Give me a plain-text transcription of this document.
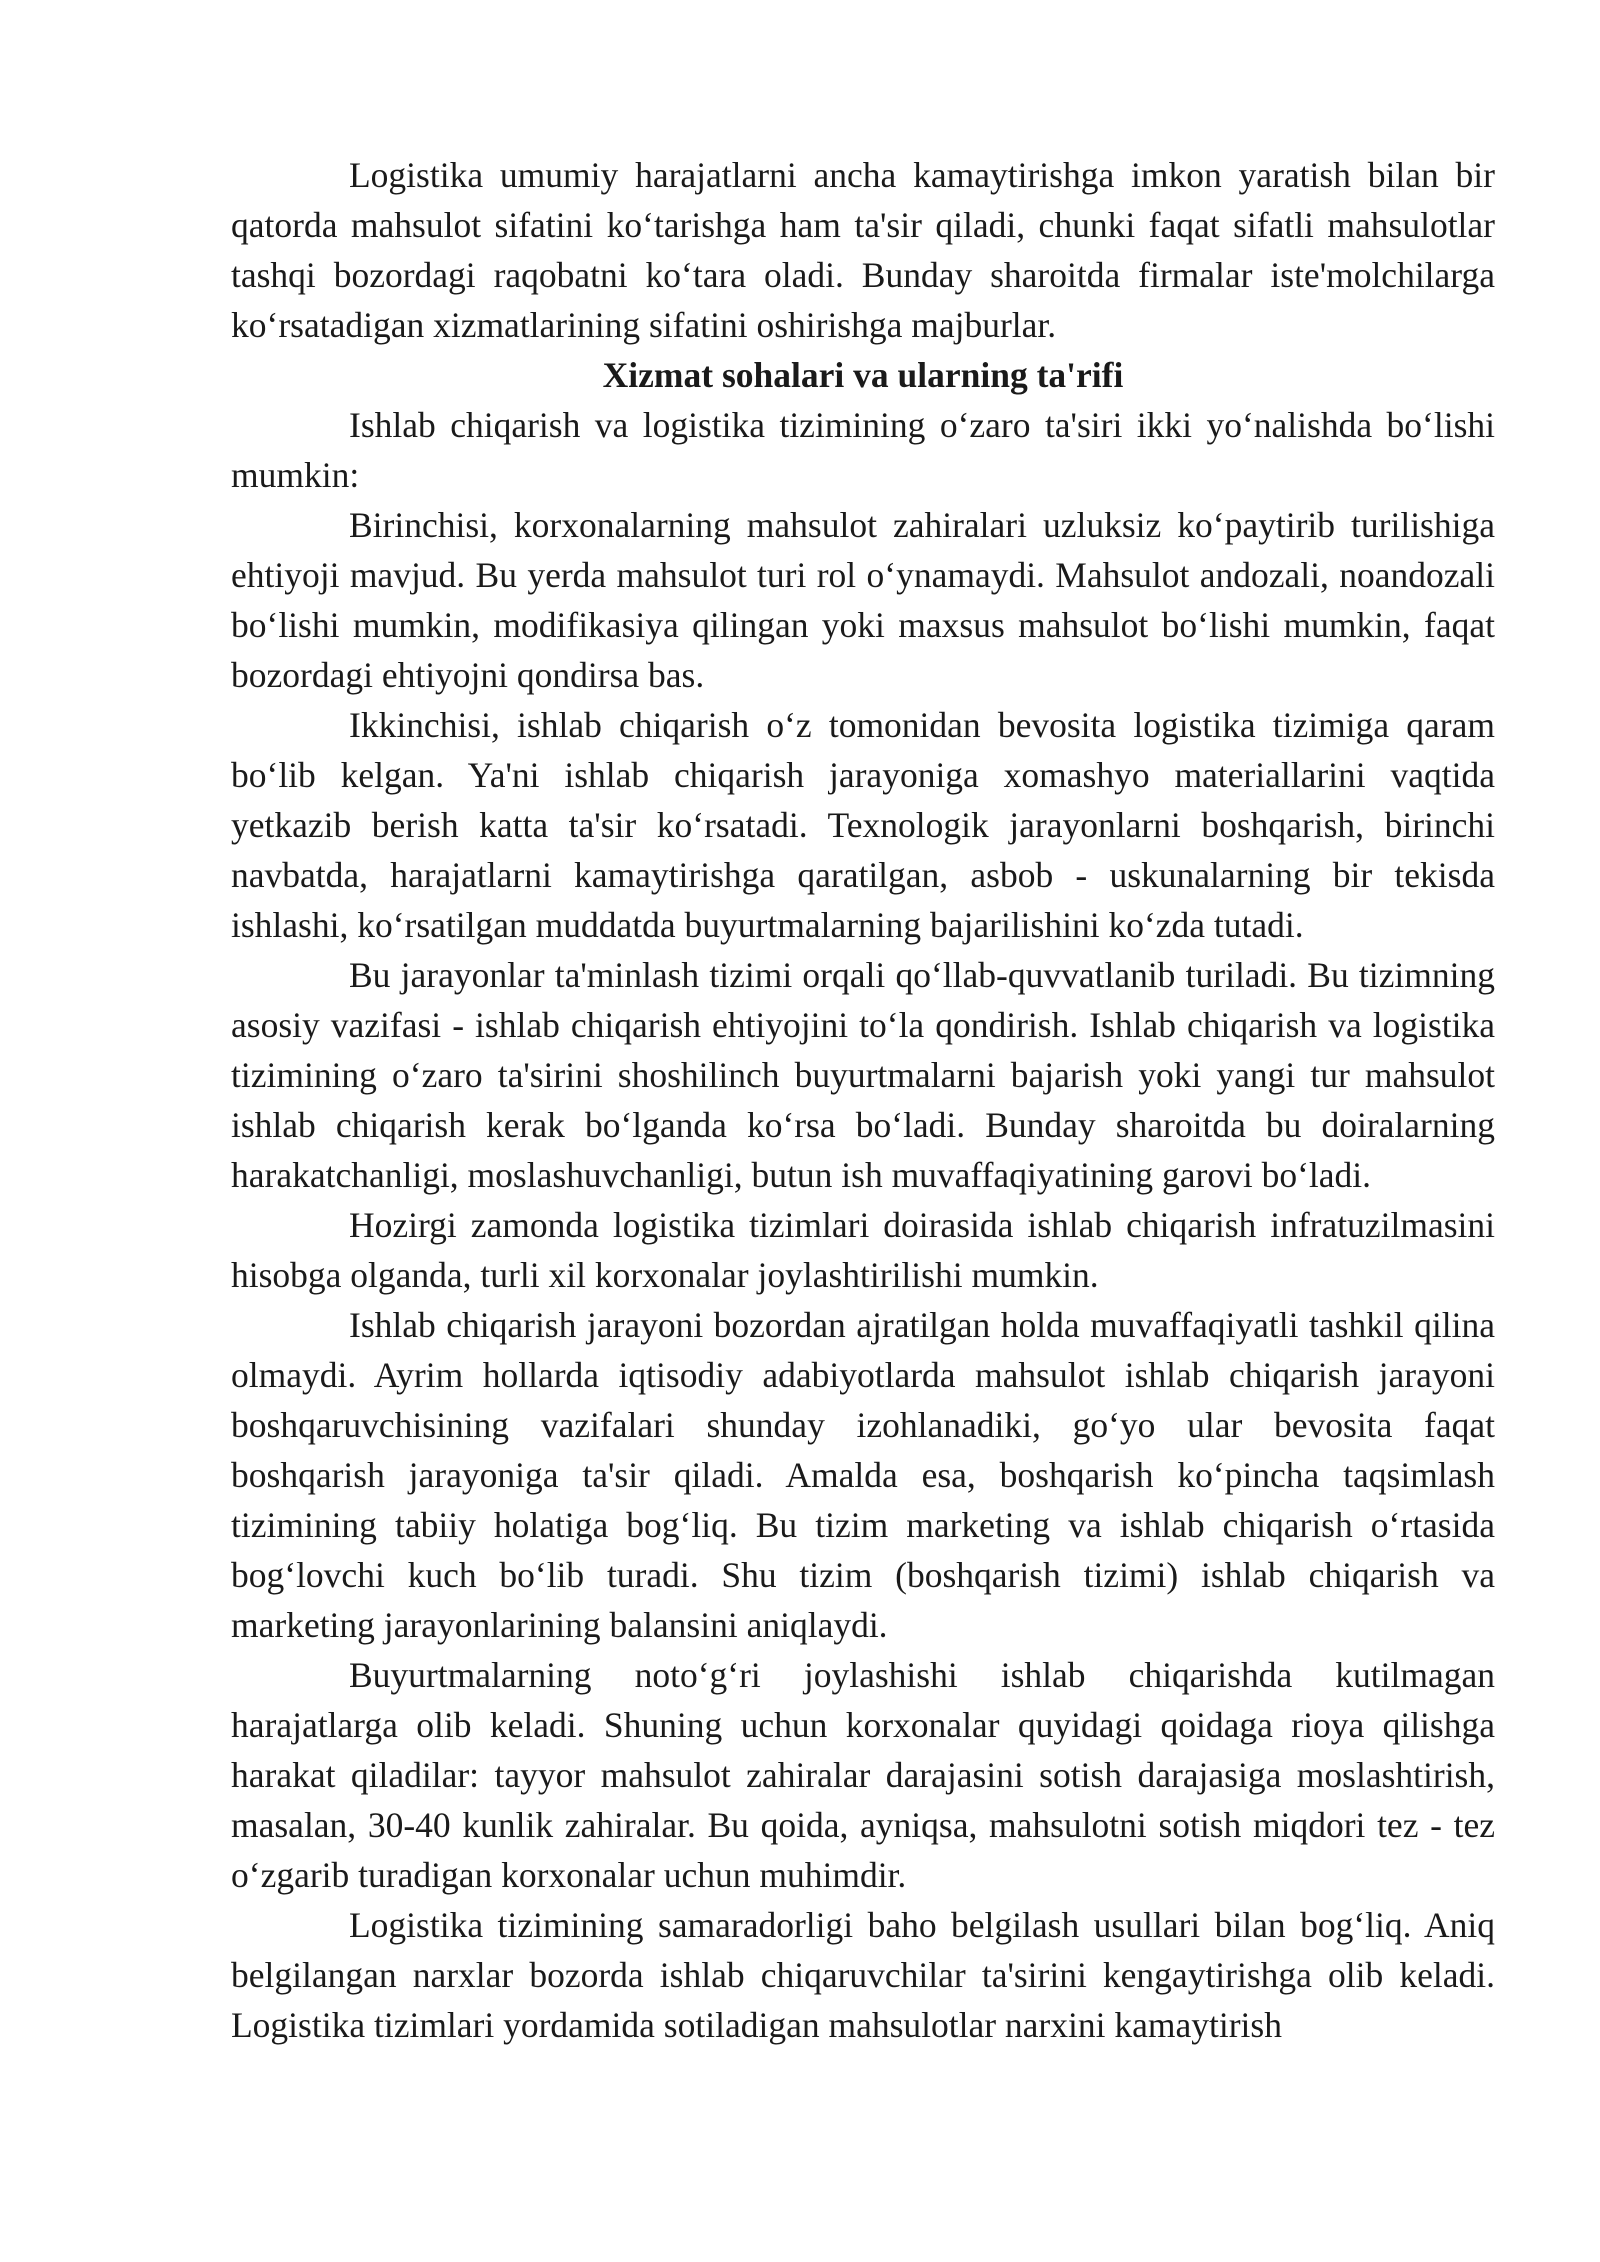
Logistika umumiy harajatlarni ancha kamaytirishga imkon yaratish bilan bir qatorda mahsulot sifatini ko‘tarishga ham ta'sir qiladi, chunki faqat sifatli mahsulotlar tashqi bozordagi raqobatni ko‘tara oladi. Bunday sharoitda firmalar iste'molchilarga ko‘rsatadigan xizmatlarining sifatini oshirishga majburlar.

Xizmat sohalari va ularning ta'rifi

Ishlab chiqarish va logistika tizimining o‘zaro ta'siri ikki yo‘nalishda bo‘lishi mumkin:

Birinchisi, korxonalarning mahsulot zahiralari uzluksiz ko‘paytirib turilishiga ehtiyoji mavjud. Bu yerda mahsulot turi rol o‘ynamaydi. Mahsulot andozali, noandozali bo‘lishi mumkin, modifikasiya qilingan yoki maxsus mahsulot bo‘lishi mumkin, faqat bozordagi ehtiyojni qondirsa bas.

Ikkinchisi, ishlab chiqarish o‘z tomonidan bevosita logistika tizimiga qaram bo‘lib kelgan. Ya'ni ishlab chiqarish jarayoniga xomashyo materiallarini vaqtida yetkazib berish katta ta'sir ko‘rsatadi. Texnologik jarayonlarni boshqarish, birinchi navbatda, harajatlarni kamaytirishga qaratilgan, asbob - uskunalarning bir tekisda ishlashi, ko‘rsatilgan muddatda buyurtmalarning bajarilishini ko‘zda tutadi.

Bu jarayonlar ta'minlash tizimi orqali qo‘llab-quvvatlanib turiladi. Bu tizimning asosiy vazifasi - ishlab chiqarish ehtiyojini to‘la qondirish. Ishlab chiqarish va logistika tizimining o‘zaro ta'sirini shoshilinch buyurtmalarni bajarish yoki yangi tur mahsulot ishlab chiqarish kerak bo‘lganda ko‘rsa bo‘ladi. Bunday sharoitda bu doiralarning harakatchanligi, moslashuvchanligi, butun ish muvaffaqiyatining garovi bo‘ladi.

Hozirgi zamonda logistika tizimlari doirasida ishlab chiqarish infratuzilmasini hisobga olganda, turli xil korxonalar joylashtirilishi mumkin.

Ishlab chiqarish jarayoni bozordan ajratilgan holda muvaffaqiyatli tashkil qilina olmaydi. Ayrim hollarda iqtisodiy adabiyotlarda mahsulot ishlab chiqarish jarayoni boshqaruvchisining vazifalari shunday izohlanadiki, go‘yo ular bevosita faqat boshqarish jarayoniga ta'sir qiladi. Amalda esa, boshqarish ko‘pincha taqsimlash tizimining tabiiy holatiga bog‘liq. Bu tizim marketing va ishlab chiqarish o‘rtasida bog‘lovchi kuch bo‘lib turadi. Shu tizim (boshqarish tizimi) ishlab chiqarish va marketing jarayonlarining balansini aniqlaydi.

Buyurtmalarning noto‘g‘ri joylashishi ishlab chiqarishda kutilmagan harajatlarga olib keladi. Shuning uchun korxonalar quyidagi qoidaga rioya qilishga harakat qiladilar: tayyor mahsulot zahiralar darajasini sotish darajasiga moslashtirish, masalan, 30-40 kunlik zahiralar. Bu qoida, ayniqsa, mahsulotni sotish miqdori tez - tez o‘zgarib turadigan korxonalar uchun muhimdir.

Logistika tizimining samaradorligi baho belgilash usullari bilan bog‘liq. Aniq belgilangan narxlar bozorda ishlab chiqaruvchilar ta'sirini kengaytirishga olib keladi. Logistika tizimlari yordamida sotiladigan mahsulotlar narxini kamaytirish
